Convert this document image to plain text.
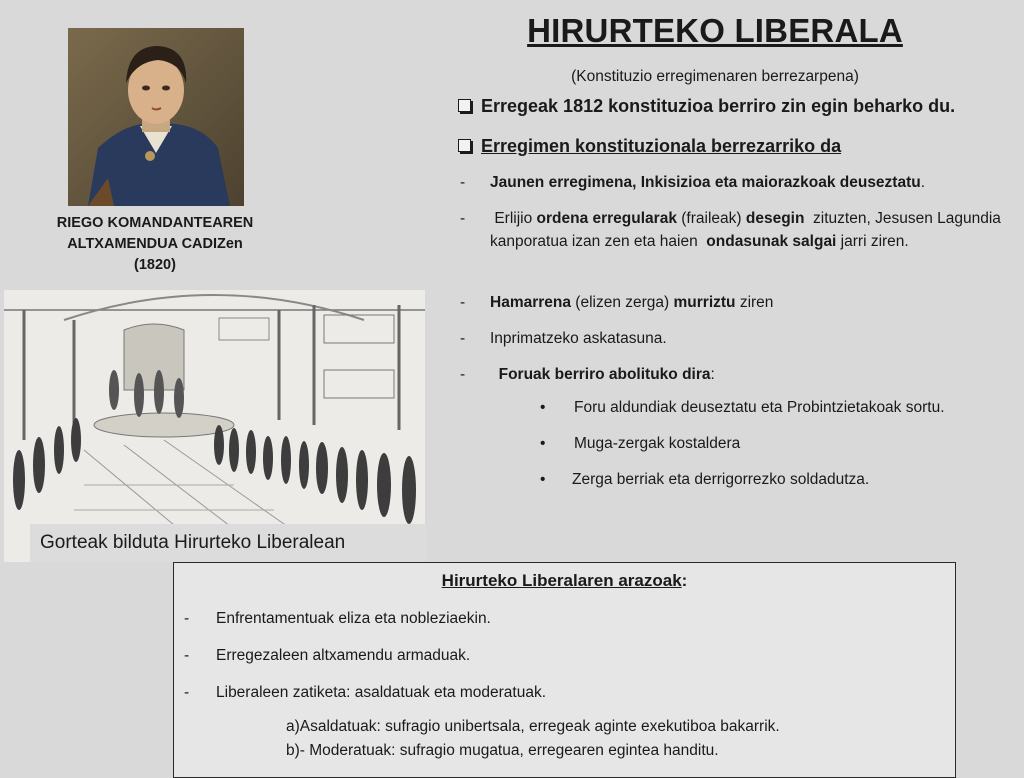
RIEGO KOMANDANTEAREN
ALTXAMENDUA CADIZen
(1820)
Gorteak bilduta Hirurteko Liberalean
HIRURTEKO LIBERALA
(Konstituzio erregimenaren berrezarpena)
Erregeak 1812 konstituzioa berriro zin egin beharko du.
Erregimen konstituzionala berrezarriko da
-	Jaunen erregimena, Inkisizioa eta maiorazkoak deuseztatu.
-	Erlijio ordena erregularak (fraileak) desegin  zituzten, Jesusen Lagundia kanporatua izan zen eta haien  ondasunak salgai jarri ziren.
-	Hamarrena (elizen zerga) murriztu ziren
-	Inprimatzeko askatasuna.
-	Foruak berriro abolituko dira:
• Foru aldundiak deuseztatu eta Probintzietakoak sortu.
• Muga-zergak kostaldera
• Zerga berriak eta derrigorrezko soldadutza.
Hirurteko Liberalaren arazoak:
- Enfrentamentuak eliza eta nobleziaekin.
- Erregezaleen altxamendu armaduak.
- Liberaleen zatiketa: asaldatuak eta moderatuak.
a)Asaldatuak: sufragio unibertsala, erregeak aginte exekutiboa bakarrik.
b)- Moderatuak: sufragio mugatua, erregearen egintea handitu.
